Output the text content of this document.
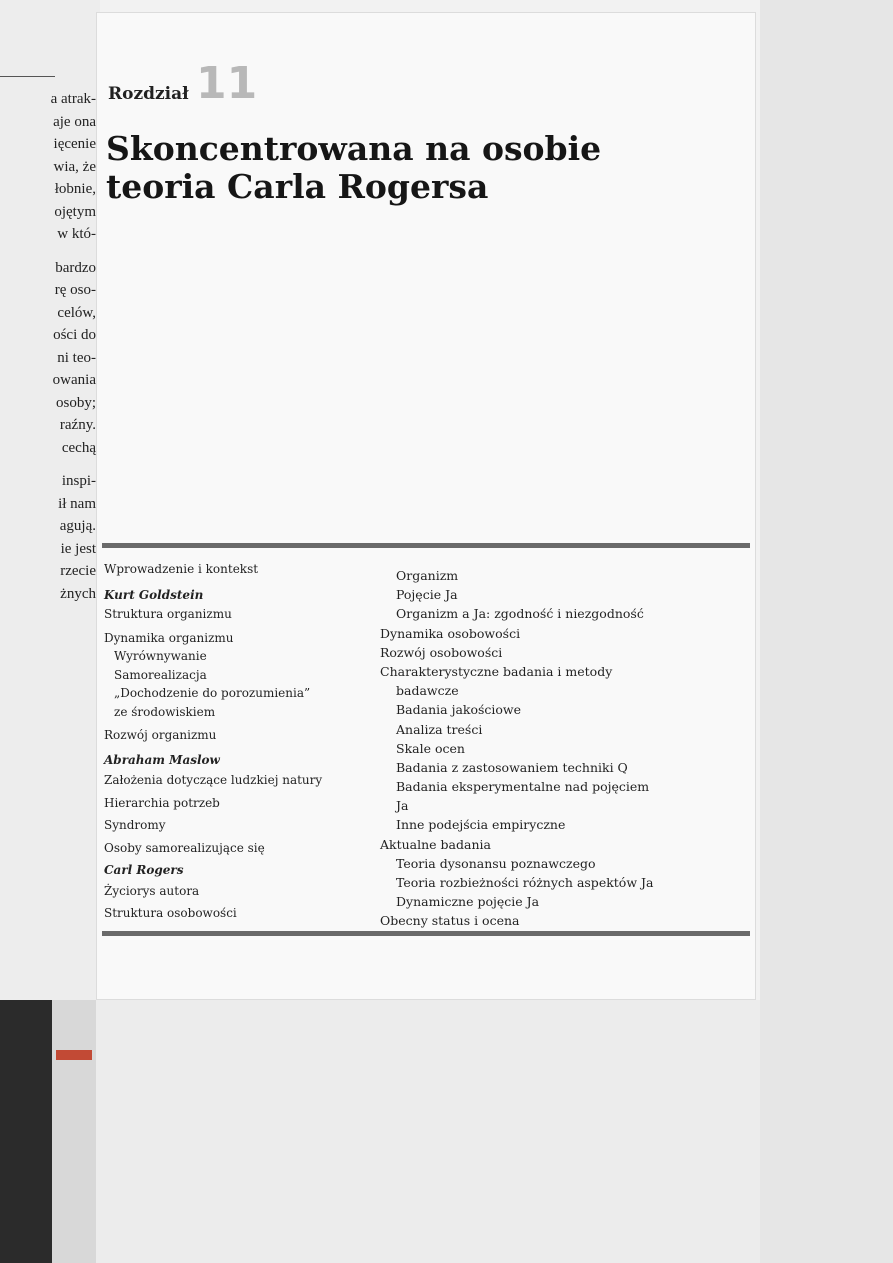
a atrak-
aje ona
ięcenie
wia, że
łobnie,
ojętym
w któ-
bardzo
rę oso-
celów,
ości do
ni teo-
owania
osoby;
raźny.
cechą
inspi-
ił nam
agują.
ie jest
rzecie
żnych
Rozdział 11
Skoncentrowana na osobie
teoria Carla Rogersa
Wprowadzenie i kontekst
Kurt Goldstein
Struktura organizmu
Dynamika organizmu
Wyrównywanie
Samorealizacja
„Dochodzenie do porozumienia”
ze środowiskiem
Rozwój organizmu
Abraham Maslow
Założenia dotyczące ludzkiej natury
Hierarchia potrzeb
Syndromy
Osoby samorealizujące się
Carl Rogers
Życiorys autora
Struktura osobowości
Organizm
Pojęcie Ja
Organizm a Ja: zgodność i niezgodność
Dynamika osobowości
Rozwój osobowości
Charakterystyczne badania i metody
badawcze
Badania jakościowe
Analiza treści
Skale ocen
Badania z zastosowaniem techniki Q
Badania eksperymentalne nad pojęciem
Ja
Inne podejścia empiryczne
Aktualne badania
Teoria dysonansu poznawczego
Teoria rozbieżności różnych aspektów Ja
Dynamiczne pojęcie Ja
Obecny status i ocena
